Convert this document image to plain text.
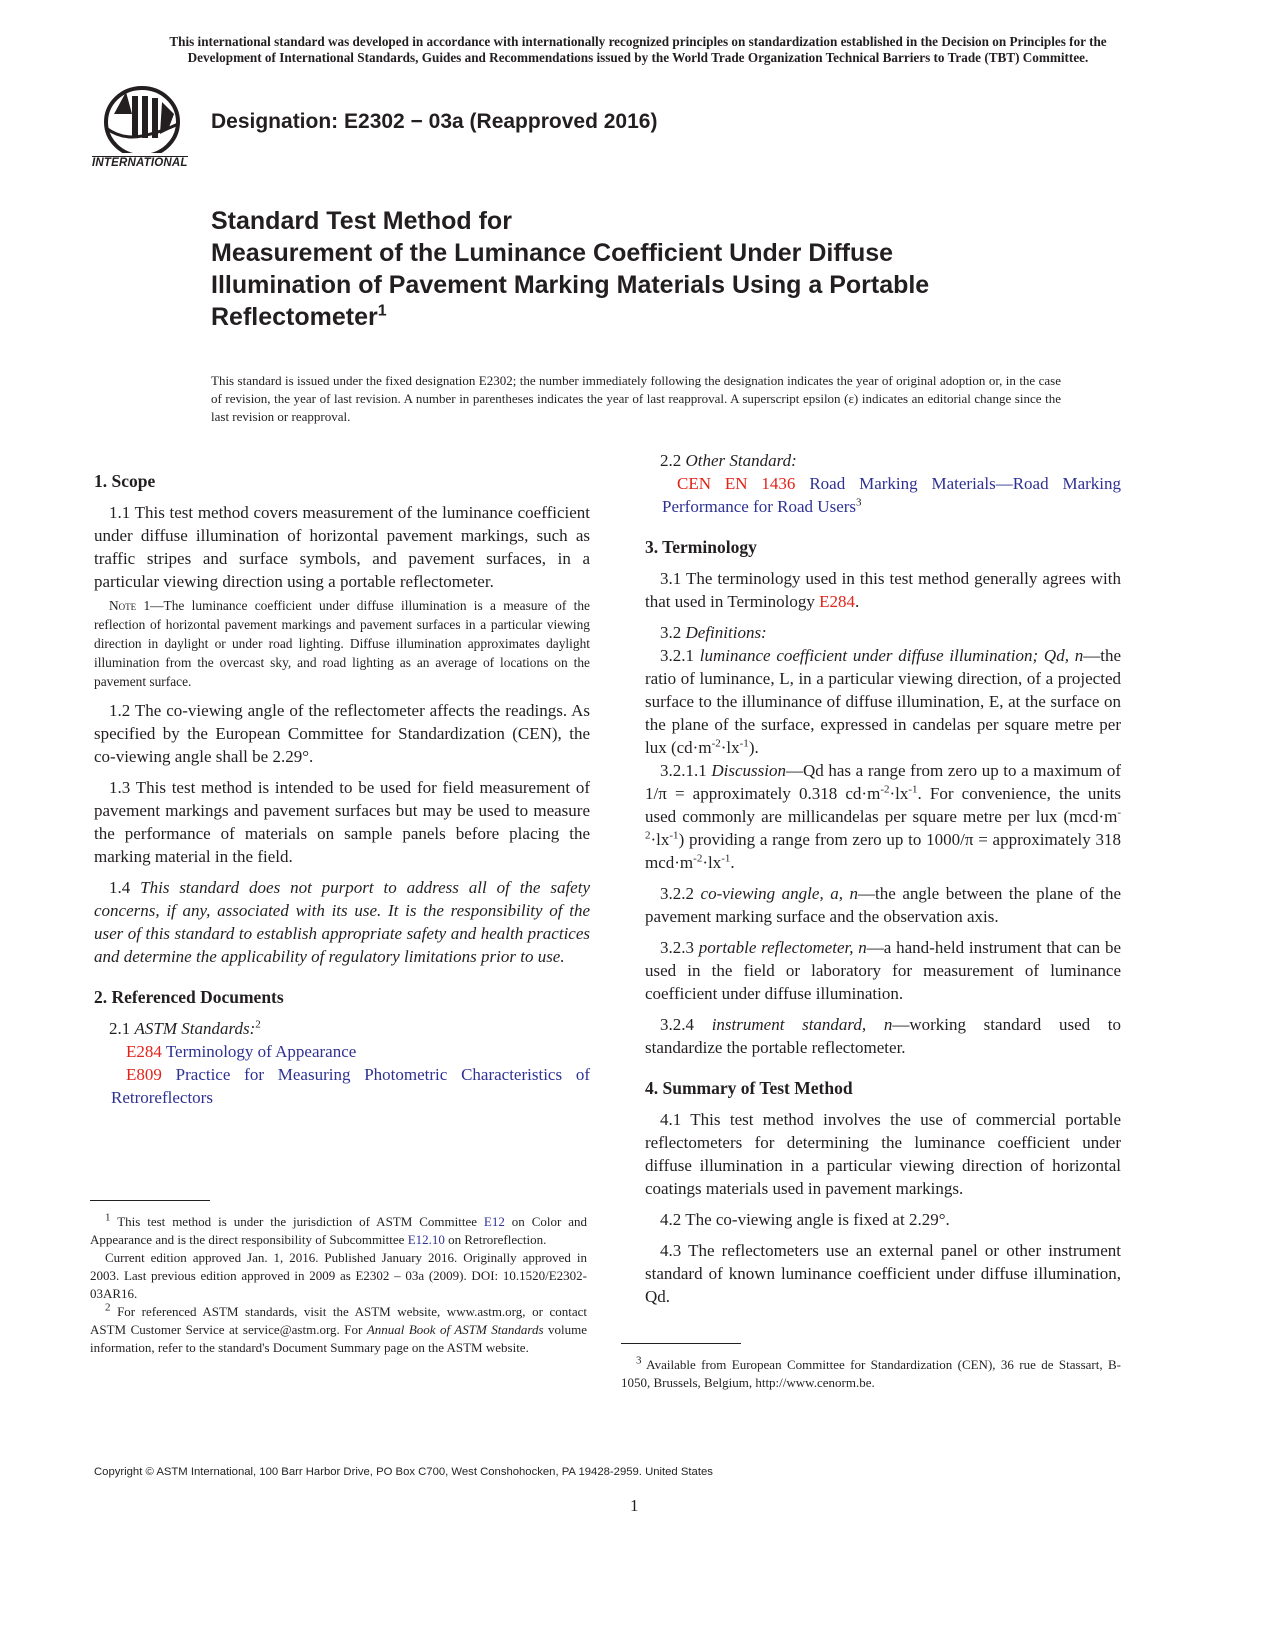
This international standard was developed in accordance with internationally recognized principles on standardization established in the Decision on Principles for the
Development of International Standards, Guides and Recommendations issued by the World Trade Organization Technical Barriers to Trade (TBT) Committee.
INTERNATIONAL
Designation: E2302 − 03a (Reapproved 2016)
Standard Test Method for
Measurement of the Luminance Coefficient Under Diffuse
Illumination of Pavement Marking Materials Using a Portable
Reflectometer$^1$
This standard is issued under the fixed designation E2302; the number immediately following the designation indicates the year of original adoption or, in the case of revision, the year of last revision. A number in parentheses indicates the year of last reapproval. A superscript epsilon (ε) indicates an editorial change since the last revision or reapproval.
1. Scope

1.1 This test method covers measurement of the luminance coefficient under diffuse illumination of horizontal pavement markings, such as traffic stripes and surface symbols, and pavement surfaces, in a particular viewing direction using a portable reflectometer.

Note 1—The luminance coefficient under diffuse illumination is a measure of the reflection of horizontal pavement markings and pavement surfaces in a particular viewing direction in daylight or under road lighting. Diffuse illumination approximates daylight illumination from the overcast sky, and road lighting as an average of locations on the pavement surface.

1.2 The co-viewing angle of the reflectometer affects the readings. As specified by the European Committee for Standardization (CEN), the co-viewing angle shall be 2.29°.

1.3 This test method is intended to be used for field measurement of pavement markings and pavement surfaces but may be used to measure the performance of materials on sample panels before placing the marking material in the field.

1.4 This standard does not purport to address all of the safety concerns, if any, associated with its use. It is the responsibility of the user of this standard to establish appropriate safety and health practices and determine the applicability of regulatory limitations prior to use.

2. Referenced Documents

2.1 ASTM Standards:$^2$

E284 Terminology of Appearance

E809 Practice for Measuring Photometric Characteristics of Retroreflectors

$^1$ This test method is under the jurisdiction of ASTM Committee E12 on Color and Appearance and is the direct responsibility of Subcommittee E12.10 on Retroreflection.

Current edition approved Jan. 1, 2016. Published January 2016. Originally approved in 2003. Last previous edition approved in 2009 as E2302 – 03a (2009). DOI: 10.1520/E2302-03AR16.

$^2$ For referenced ASTM standards, visit the ASTM website, www.astm.org, or contact ASTM Customer Service at service@astm.org. For Annual Book of ASTM Standards volume information, refer to the standard's Document Summary page on the ASTM website.

2.2 Other Standard:

CEN EN 1436 Road Marking Materials—Road Marking Performance for Road Users$^3$

3. Terminology

3.1 The terminology used in this test method generally agrees with that used in Terminology E284.

3.2 Definitions:

3.2.1 luminance coefficient under diffuse illumination; Qd, n—the ratio of luminance, L, in a particular viewing direction, of a projected surface to the illuminance of diffuse illumination, E, at the surface on the plane of the surface, expressed in candelas per square metre per lux $(cd\cdot m^{-2}\cdot lx^{-1})$.

3.2.1.1 Discussion—Qd has a range from zero up to a maximum of 1/π = approximately 0.318 $cd\cdot m^{-2}\cdot lx^{-1}$. For convenience, the units used commonly are millicandelas per square metre per lux $(mcd\cdot m^{-2}\cdot lx^{-1})$ providing a range from zero up to 1000/π = approximately 318 $mcd\cdot m^{-2}\cdot lx^{-1}$.

3.2.2 co-viewing angle, a, n—the angle between the plane of the pavement marking surface and the observation axis.

3.2.3 portable reflectometer, n—a hand-held instrument that can be used in the field or laboratory for measurement of luminance coefficient under diffuse illumination.

3.2.4 instrument standard, n—working standard used to standardize the portable reflectometer.

4. Summary of Test Method

4.1 This test method involves the use of commercial portable reflectometers for determining the luminance coefficient under diffuse illumination in a particular viewing direction of horizontal coatings materials used in pavement markings.

4.2 The co-viewing angle is fixed at 2.29°.

4.3 The reflectometers use an external panel or other instrument standard of known luminance coefficient under diffuse illumination, Qd.

$^3$ Available from European Committee for Standardization (CEN), 36 rue de Stassart, B-1050, Brussels, Belgium, http://www.cenorm.be.

Copyright © ASTM International, 100 Barr Harbor Drive, PO Box C700, West Conshohocken, PA 19428-2959. United States
1
